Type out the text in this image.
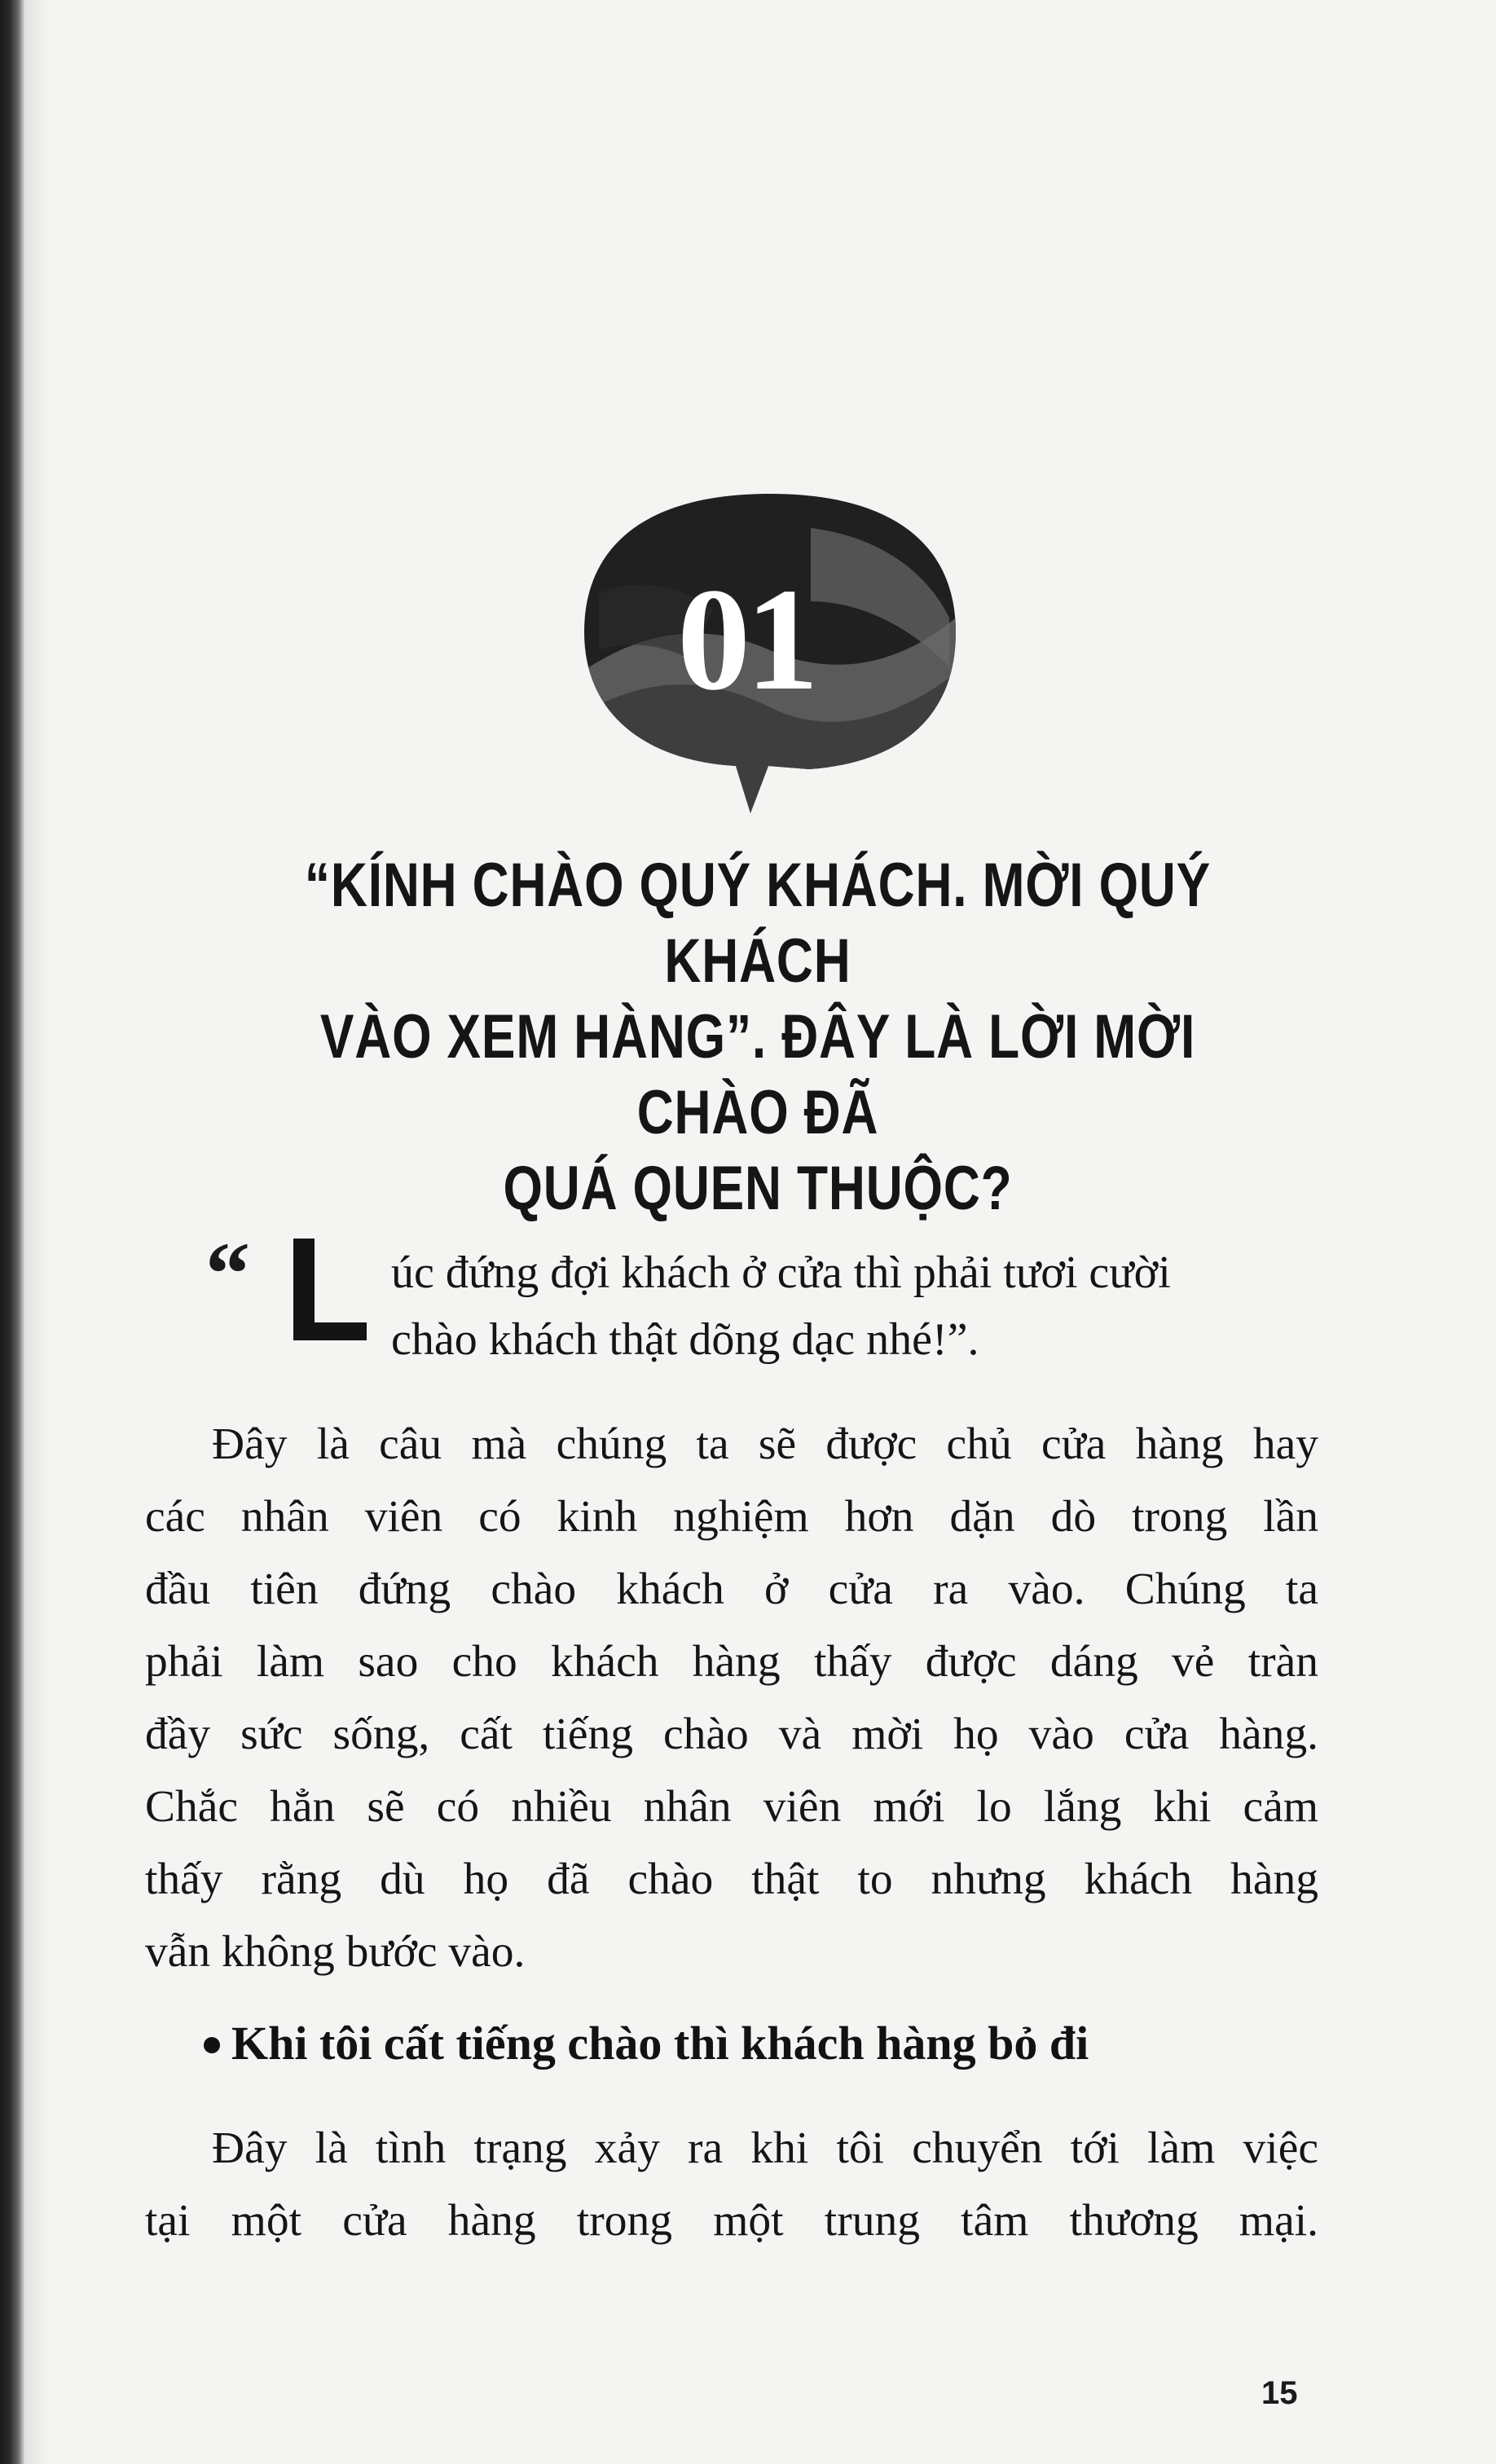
01
“KÍNH CHÀO QUÝ KHÁCH. MỜI QUÝ KHÁCH
VÀO XEM HÀNG”. ĐÂY LÀ LỜI MỜI CHÀO ĐÃ
QUÁ QUEN THUỘC?
“	úc đứng đợi khách ở cửa thì phải tươi cười
chào khách thật dõng dạc nhé!”.
Đây là câu mà chúng ta sẽ được chủ cửa hàng hay
các nhân viên có kinh nghiệm hơn dặn dò trong lần
đầu tiên đứng chào khách ở cửa ra vào. Chúng ta
phải làm sao cho khách hàng thấy được dáng vẻ tràn
đầy sức sống, cất tiếng chào và mời họ vào cửa hàng.
Chắc hẳn sẽ có nhiều nhân viên mới lo lắng khi cảm
thấy rằng dù họ đã chào thật to nhưng khách hàng
vẫn không bước vào.
Khi tôi cất tiếng chào thì khách hàng bỏ đi
Đây là tình trạng xảy ra khi tôi chuyển tới làm việc
tại một cửa hàng trong một trung tâm thương mại.
15
